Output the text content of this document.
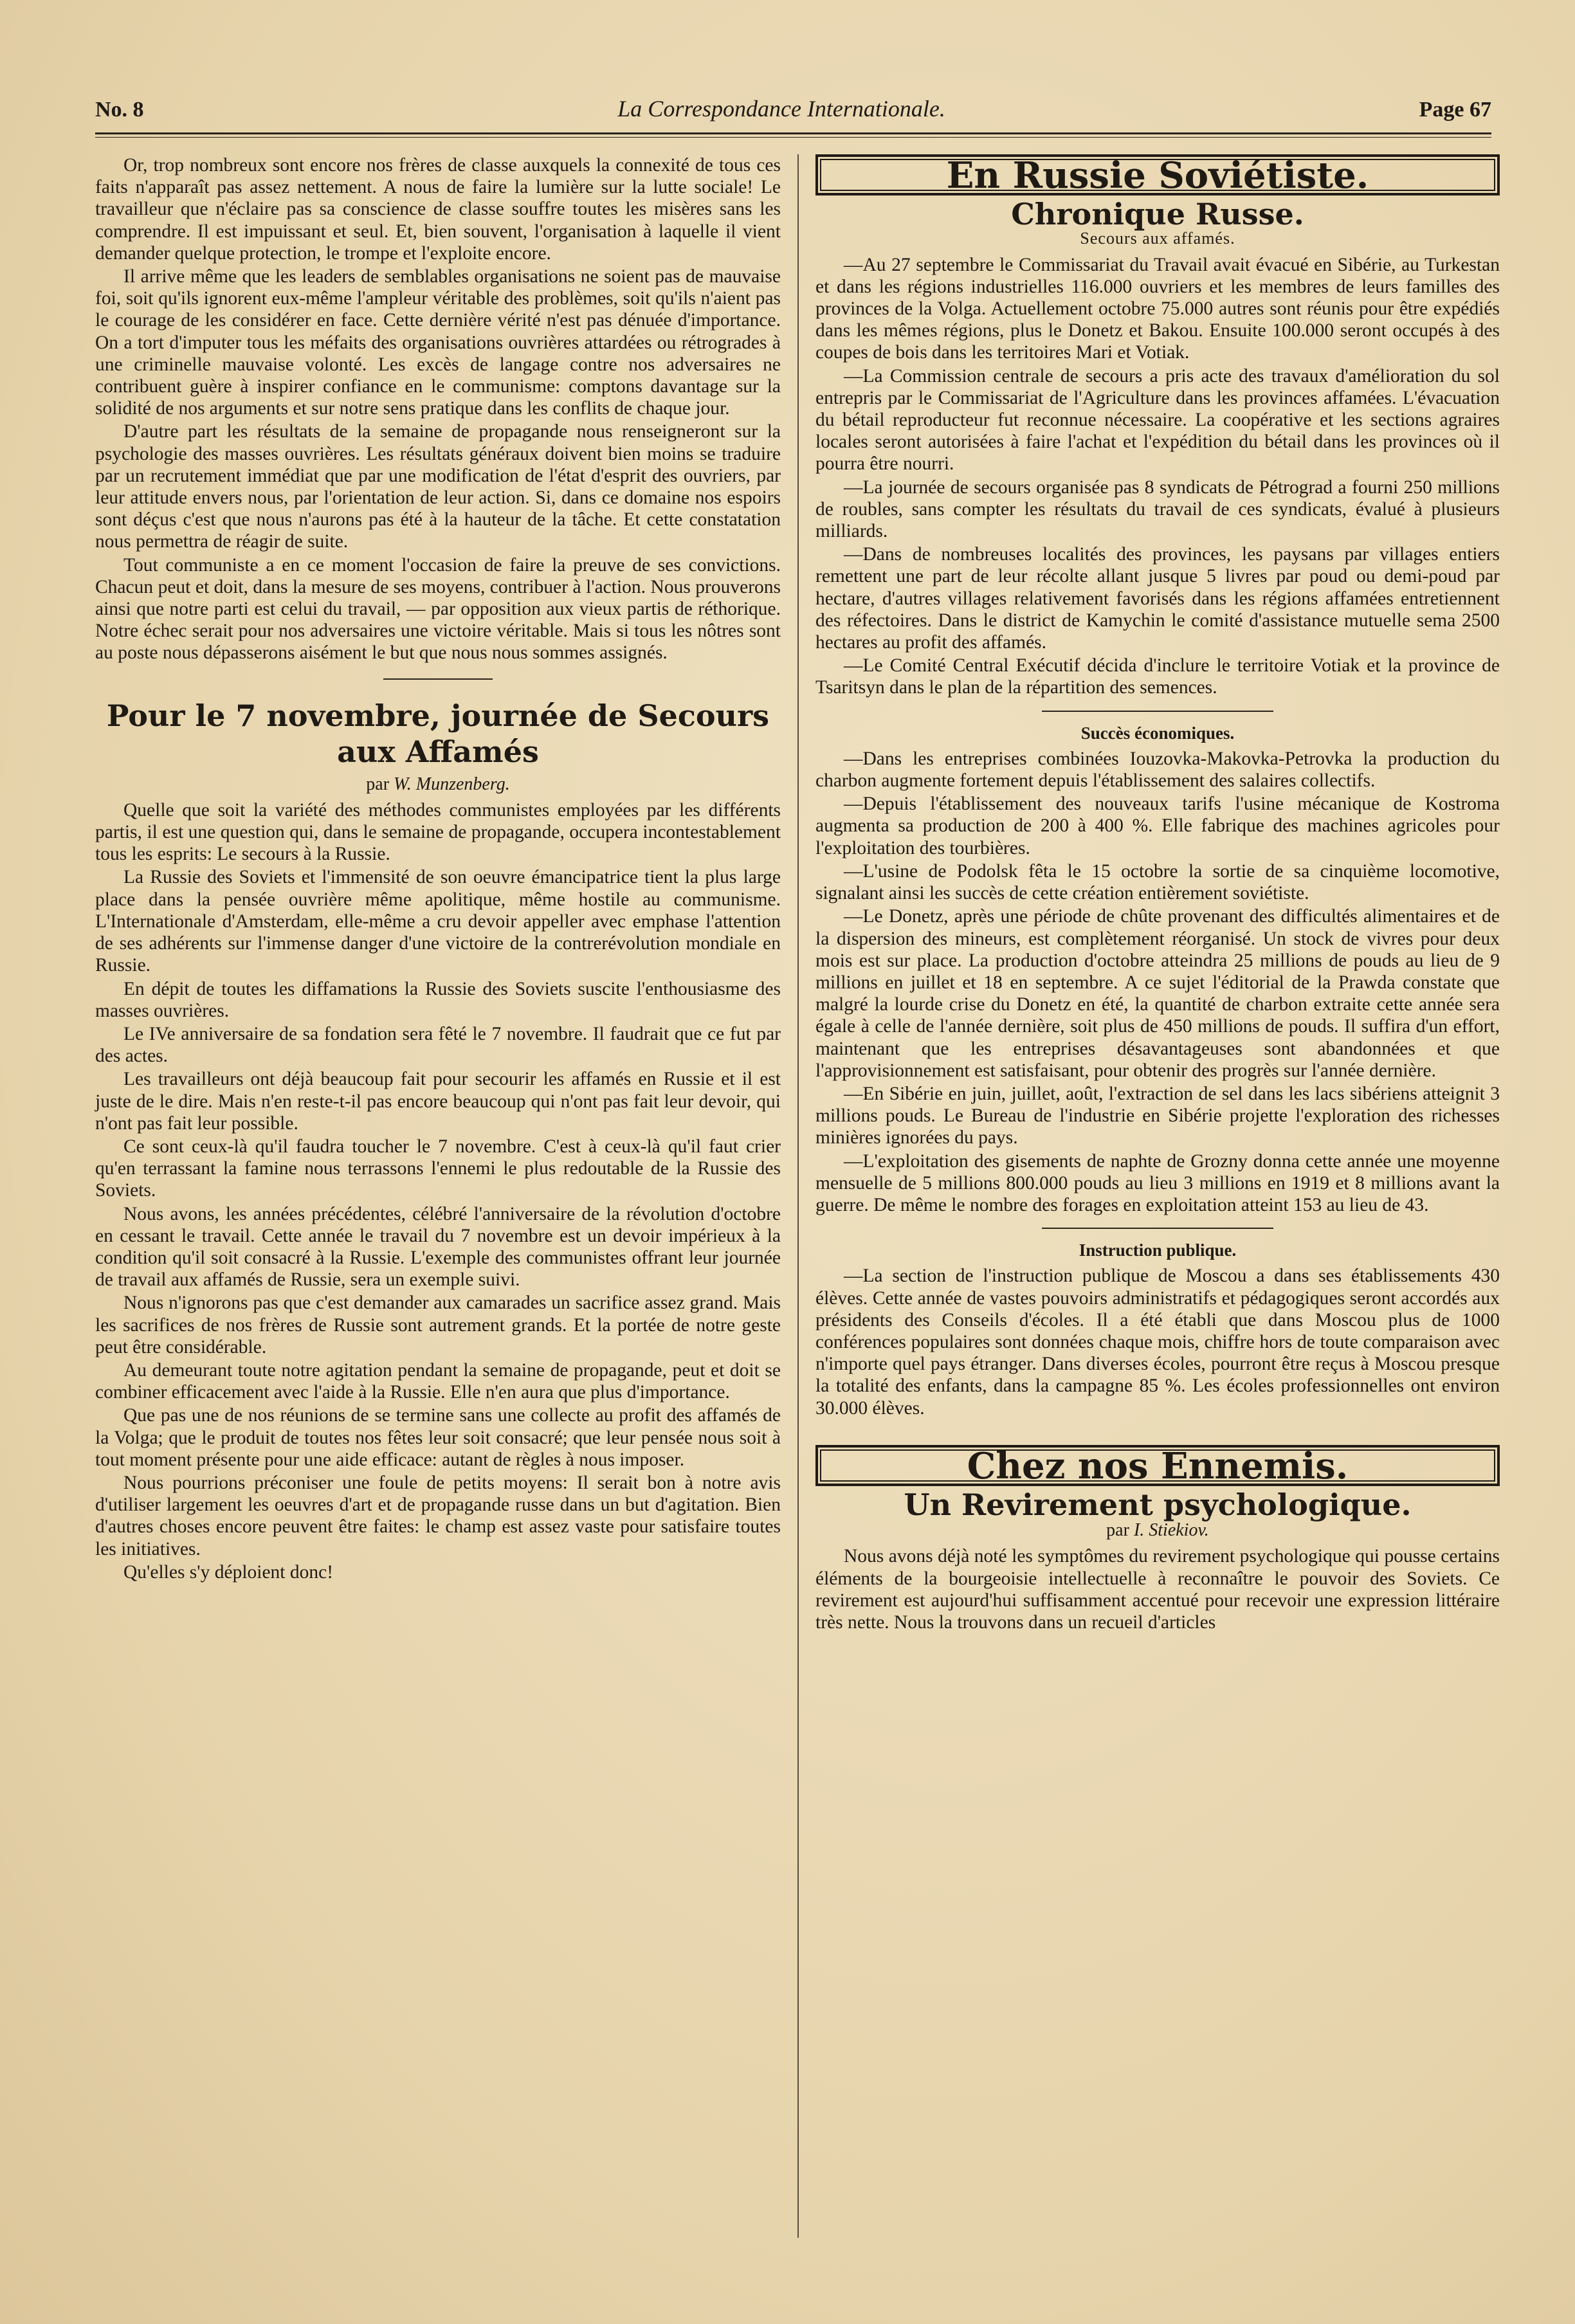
No. 8	La Correspondance Internationale.	Page 67

Or, trop nombreux sont encore nos frères de classe auxquels la connexité de tous ces faits n'apparaît pas assez nettement. A nous de faire la lumière sur la lutte sociale! Le travailleur que n'éclaire pas sa conscience de classe souffre toutes les misères sans les comprendre. Il est impuissant et seul. Et, bien souvent, l'organisation à laquelle il vient demander quelque protection, le trompe et l'exploite encore.

Il arrive même que les leaders de semblables organisations ne soient pas de mauvaise foi, soit qu'ils ignorent eux-même l'ampleur véritable des problèmes, soit qu'ils n'aient pas le courage de les considérer en face. Cette dernière vérité n'est pas dénuée d'importance. On a tort d'imputer tous les méfaits des organisations ouvrières attardées ou rétrogrades à une criminelle mauvaise volonté. Les excès de langage contre nos adversaires ne contribuent guère à inspirer confiance en le communisme: comptons davantage sur la solidité de nos arguments et sur notre sens pratique dans les conflits de chaque jour.

D'autre part les résultats de la semaine de propagande nous renseigneront sur la psychologie des masses ouvrières. Les résultats généraux doivent bien moins se traduire par un recrutement immédiat que par une modification de l'état d'esprit des ouvriers, par leur attitude envers nous, par l'orientation de leur action. Si, dans ce domaine nos espoirs sont déçus c'est que nous n'aurons pas été à la hauteur de la tâche. Et cette constatation nous permettra de réagir de suite.

Tout communiste a en ce moment l'occasion de faire la preuve de ses convictions. Chacun peut et doit, dans la mesure de ses moyens, contribuer à l'action. Nous prouverons ainsi que notre parti est celui du travail, — par opposition aux vieux partis de réthorique. Notre échec serait pour nos adversaires une victoire véritable. Mais si tous les nôtres sont au poste nous dépasserons aisément le but que nous nous sommes assignés.

Pour le 7 novembre, journée de Secours aux Affamés
par W. Munzenberg.

Quelle que soit la variété des méthodes communistes employées par les différents partis, il est une question qui, dans le semaine de propagande, occupera incontestablement tous les esprits: Le secours à la Russie.

La Russie des Soviets et l'immensité de son oeuvre émancipatrice tient la plus large place dans la pensée ouvrière même apolitique, même hostile au communisme. L'Internationale d'Amsterdam, elle-même a cru devoir appeller avec emphase l'attention de ses adhérents sur l'immense danger d'une victoire de la contrerévolution mondiale en Russie.

En dépit de toutes les diffamations la Russie des Soviets suscite l'enthousiasme des masses ouvrières.

Le IVe anniversaire de sa fondation sera fêté le 7 novembre. Il faudrait que ce fut par des actes.

Les travailleurs ont déjà beaucoup fait pour secourir les affamés en Russie et il est juste de le dire. Mais n'en reste-t-il pas encore beaucoup qui n'ont pas fait leur devoir, qui n'ont pas fait leur possible.

Ce sont ceux-là qu'il faudra toucher le 7 novembre. C'est à ceux-là qu'il faut crier qu'en terrassant la famine nous terrassons l'ennemi le plus redoutable de la Russie des Soviets.

Nous avons, les années précédentes, célébré l'anniversaire de la révolution d'octobre en cessant le travail. Cette année le travail du 7 novembre est un devoir impérieux à la condition qu'il soit consacré à la Russie. L'exemple des communistes offrant leur journée de travail aux affamés de Russie, sera un exemple suivi.

Nous n'ignorons pas que c'est demander aux camarades un sacrifice assez grand. Mais les sacrifices de nos frères de Russie sont autrement grands. Et la portée de notre geste peut être considérable.

Au demeurant toute notre agitation pendant la semaine de propagande, peut et doit se combiner efficacement avec l'aide à la Russie. Elle n'en aura que plus d'importance.

Que pas une de nos réunions de se termine sans une collecte au profit des affamés de la Volga; que le produit de toutes nos fêtes leur soit consacré; que leur pensée nous soit à tout moment présente pour une aide efficace: autant de règles à nous imposer.

Nous pourrions préconiser une foule de petits moyens: Il serait bon à notre avis d'utiliser largement les oeuvres d'art et de propagande russe dans un but d'agitation. Bien d'autres choses encore peuvent être faites: le champ est assez vaste pour satisfaire toutes les initiatives.

Qu'elles s'y déploient donc!

En Russie Soviétiste.
Chronique Russe.
Secours aux affamés.

—Au 27 septembre le Commissariat du Travail avait évacué en Sibérie, au Turkestan et dans les régions industrielles 116.000 ouvriers et les membres de leurs familles des provinces de la Volga. Actuellement octobre 75.000 autres sont réunis pour être expédiés dans les mêmes régions, plus le Donetz et Bakou. Ensuite 100.000 seront occupés à des coupes de bois dans les territoires Mari et Votiak.

—La Commission centrale de secours a pris acte des travaux d'amélioration du sol entrepris par le Commissariat de l'Agriculture dans les provinces affamées. L'évacuation du bétail reproducteur fut reconnue nécessaire. La coopérative et les sections agraires locales seront autorisées à faire l'achat et l'expédition du bétail dans les provinces où il pourra être nourri.

—La journée de secours organisée pas 8 syndicats de Pétrograd a fourni 250 millions de roubles, sans compter les résultats du travail de ces syndicats, évalué à plusieurs milliards.

—Dans de nombreuses localités des provinces, les paysans par villages entiers remettent une part de leur récolte allant jusque 5 livres par poud ou demi-poud par hectare, d'autres villages relativement favorisés dans les régions affamées entretiennent des réfectoires. Dans le district de Kamychin le comité d'assistance mutuelle sema 2500 hectares au profit des affamés.

—Le Comité Central Exécutif décida d'inclure le territoire Votiak et la province de Tsaritsyn dans le plan de la répartition des semences.

Succès économiques.

—Dans les entreprises combinées Iouzovka-Makovka-Petrovka la production du charbon augmente fortement depuis l'établissement des salaires collectifs.

—Depuis l'établissement des nouveaux tarifs l'usine mécanique de Kostroma augmenta sa production de 200 à 400 %. Elle fabrique des machines agricoles pour l'exploitation des tourbières.

—L'usine de Podolsk fêta le 15 octobre la sortie de sa cinquième locomotive, signalant ainsi les succès de cette création entièrement soviétiste.

—Le Donetz, après une période de chûte provenant des difficultés alimentaires et de la dispersion des mineurs, est complètement réorganisé. Un stock de vivres pour deux mois est sur place. La production d'octobre atteindra 25 millions de pouds au lieu de 9 millions en juillet et 18 en septembre. A ce sujet l'éditorial de la Prawda constate que malgré la lourde crise du Donetz en été, la quantité de charbon extraite cette année sera égale à celle de l'année dernière, soit plus de 450 millions de pouds. Il suffira d'un effort, maintenant que les entreprises désavantageuses sont abandonnées et que l'approvisionnement est satisfaisant, pour obtenir des progrès sur l'année dernière.

—En Sibérie en juin, juillet, août, l'extraction de sel dans les lacs sibériens atteignit 3 millions pouds. Le Bureau de l'industrie en Sibérie projette l'exploration des richesses minières ignorées du pays.

—L'exploitation des gisements de naphte de Grozny donna cette année une moyenne mensuelle de 5 millions 800.000 pouds au lieu 3 millions en 1919 et 8 millions avant la guerre. De même le nombre des forages en exploitation atteint 153 au lieu de 43.

Instruction publique.

—La section de l'instruction publique de Moscou a dans ses établissements 430 élèves. Cette année de vastes pouvoirs administratifs et pédagogiques seront accordés aux présidents des Conseils d'écoles. Il a été établi que dans Moscou plus de 1000 conférences populaires sont données chaque mois, chiffre hors de toute comparaison avec n'importe quel pays étranger. Dans diverses écoles, pourront être reçus à Moscou presque la totalité des enfants, dans la campagne 85 %. Les écoles professionnelles ont environ 30.000 élèves.

Chez nos Ennemis.
Un Revirement psychologique.
par I. Stiekiov.

Nous avons déjà noté les symptômes du revirement psychologique qui pousse certains éléments de la bourgeoisie intellectuelle à reconnaître le pouvoir des Soviets. Ce revirement est aujourd'hui suffisamment accentué pour recevoir une expression littéraire très nette. Nous la trouvons dans un recueil d'articles
